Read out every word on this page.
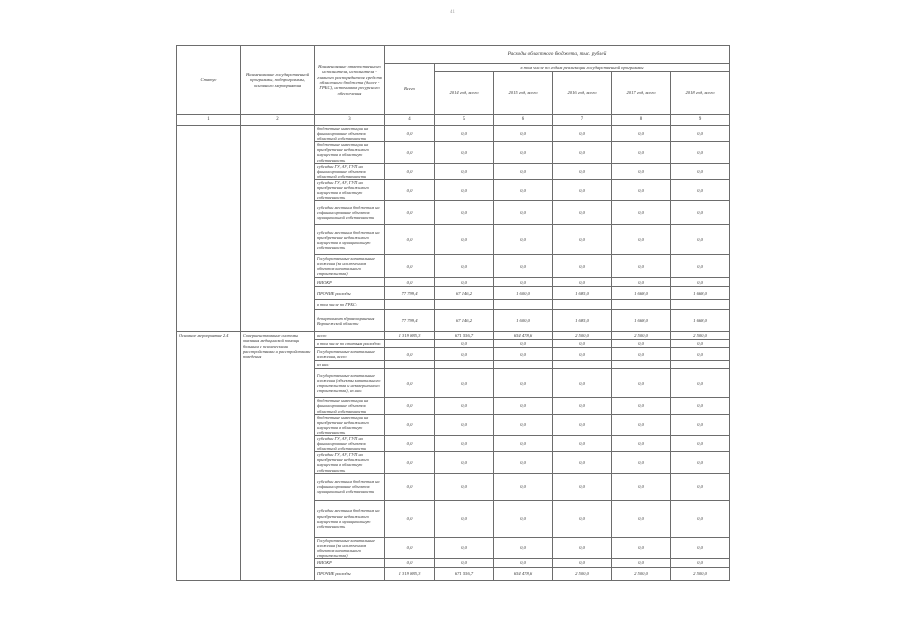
41
Статус	Наименование государственной программы, подпрограммы, основного мероприятия	Наименование ответственного исполнителя, исполнителя - главного распорядителя средств областного бюджета (далее - ГРБС), источников ресурсного обеспечения	Расходы областного бюджета, тыс. рублей					
			Всего	в том числе по годам реализации государственной программы				
				2014 год, всего	2015 год, всего	2016 год, всего	2017 год, всего	2018 год, всего
1	2	3	4	5	6	7	8	9
		бюджетные инвестиции на финансирование объектов областной собственности	0,0	0,0	0,0	0,0	0,0	0,0
		бюджетные инвестиции на приобретение недвижимого имущества в областную собственность	0,0	0,0	0,0	0,0	0,0	0,0
		субсидии ГУ, АУ, ГУП на финансирование объектов областной собственности	0,0	0,0	0,0	0,0	0,0	0,0
		субсидии ГУ, АУ, ГУП на приобретение недвижимого имущества в областную собственность	0,0	0,0	0,0	0,0	0,0	0,0
		субсидии местным бюджетам на софинансирование объектов муниципальной собственности	0,0	0,0	0,0	0,0	0,0	0,0
		субсидии местным бюджетам на приобретение недвижимого имущества в муниципальную собственность	0,0	0,0	0,0	0,0	0,0	0,0
		Государственные капитальные вложения (за исключением объектов капитального строительства)	0,0	0,0	0,0	0,0	0,0	0,0
		НИОКР	0,0	0,0	0,0	0,0	0,0	0,0
		ПРОЧИЕ расходы	77 799,4	67 146,2	1 600,0	1 685,0	1 668,0	1 668,0
		в том числе по ГРБС:						
		департамент здравоохранения Воронежской области	77 799,4	67 146,2	1 600,0	1 685,0	1 668,0	1 668,0
Основное мероприятие 2.4	Совершенствование системы оказания медицинской помощи больным с психическими расстройствами и расстройствами поведения	всего	1 319 885,3	671 556,7	654 478,6	2 500,0	2 500,0	2 500,0
		в том числе по статьям расходов:		0,0	0,0	0,0	0,0	0,0
		Государственные капитальные вложения, всего	0,0	0,0	0,0	0,0	0,0	0,0
		из них:						
		Государственные капитальные вложения (объекты капитального строительства и незавершенного строительства), из них:	0,0	0,0	0,0	0,0	0,0	0,0
		бюджетные инвестиции на финансирование объектов областной собственности	0,0	0,0	0,0	0,0	0,0	0,0
		бюджетные инвестиции на приобретение недвижимого имущества в областную собственность	0,0	0,0	0,0	0,0	0,0	0,0
		субсидии ГУ, АУ, ГУП на финансирование объектов областной собственности	0,0	0,0	0,0	0,0	0,0	0,0
		субсидии ГУ, АУ, ГУП на приобретение недвижимого имущества в областную собственность	0,0	0,0	0,0	0,0	0,0	0,0
		субсидии местным бюджетам на софинансирование объектов муниципальной собственности	0,0	0,0	0,0	0,0	0,0	0,0
		субсидии местным бюджетам на приобретение недвижимого имущества в муниципальную собственность	0,0	0,0	0,0	0,0	0,0	0,0
		Государственные капитальные вложения (за исключением объектов капитального строительства)	0,0	0,0	0,0	0,0	0,0	0,0
		НИОКР	0,0	0,0	0,0	0,0	0,0	0,0
		ПРОЧИЕ расходы	1 319 885,3	671 556,7	654 478,6	2 500,0	2 500,0	2 500,0
